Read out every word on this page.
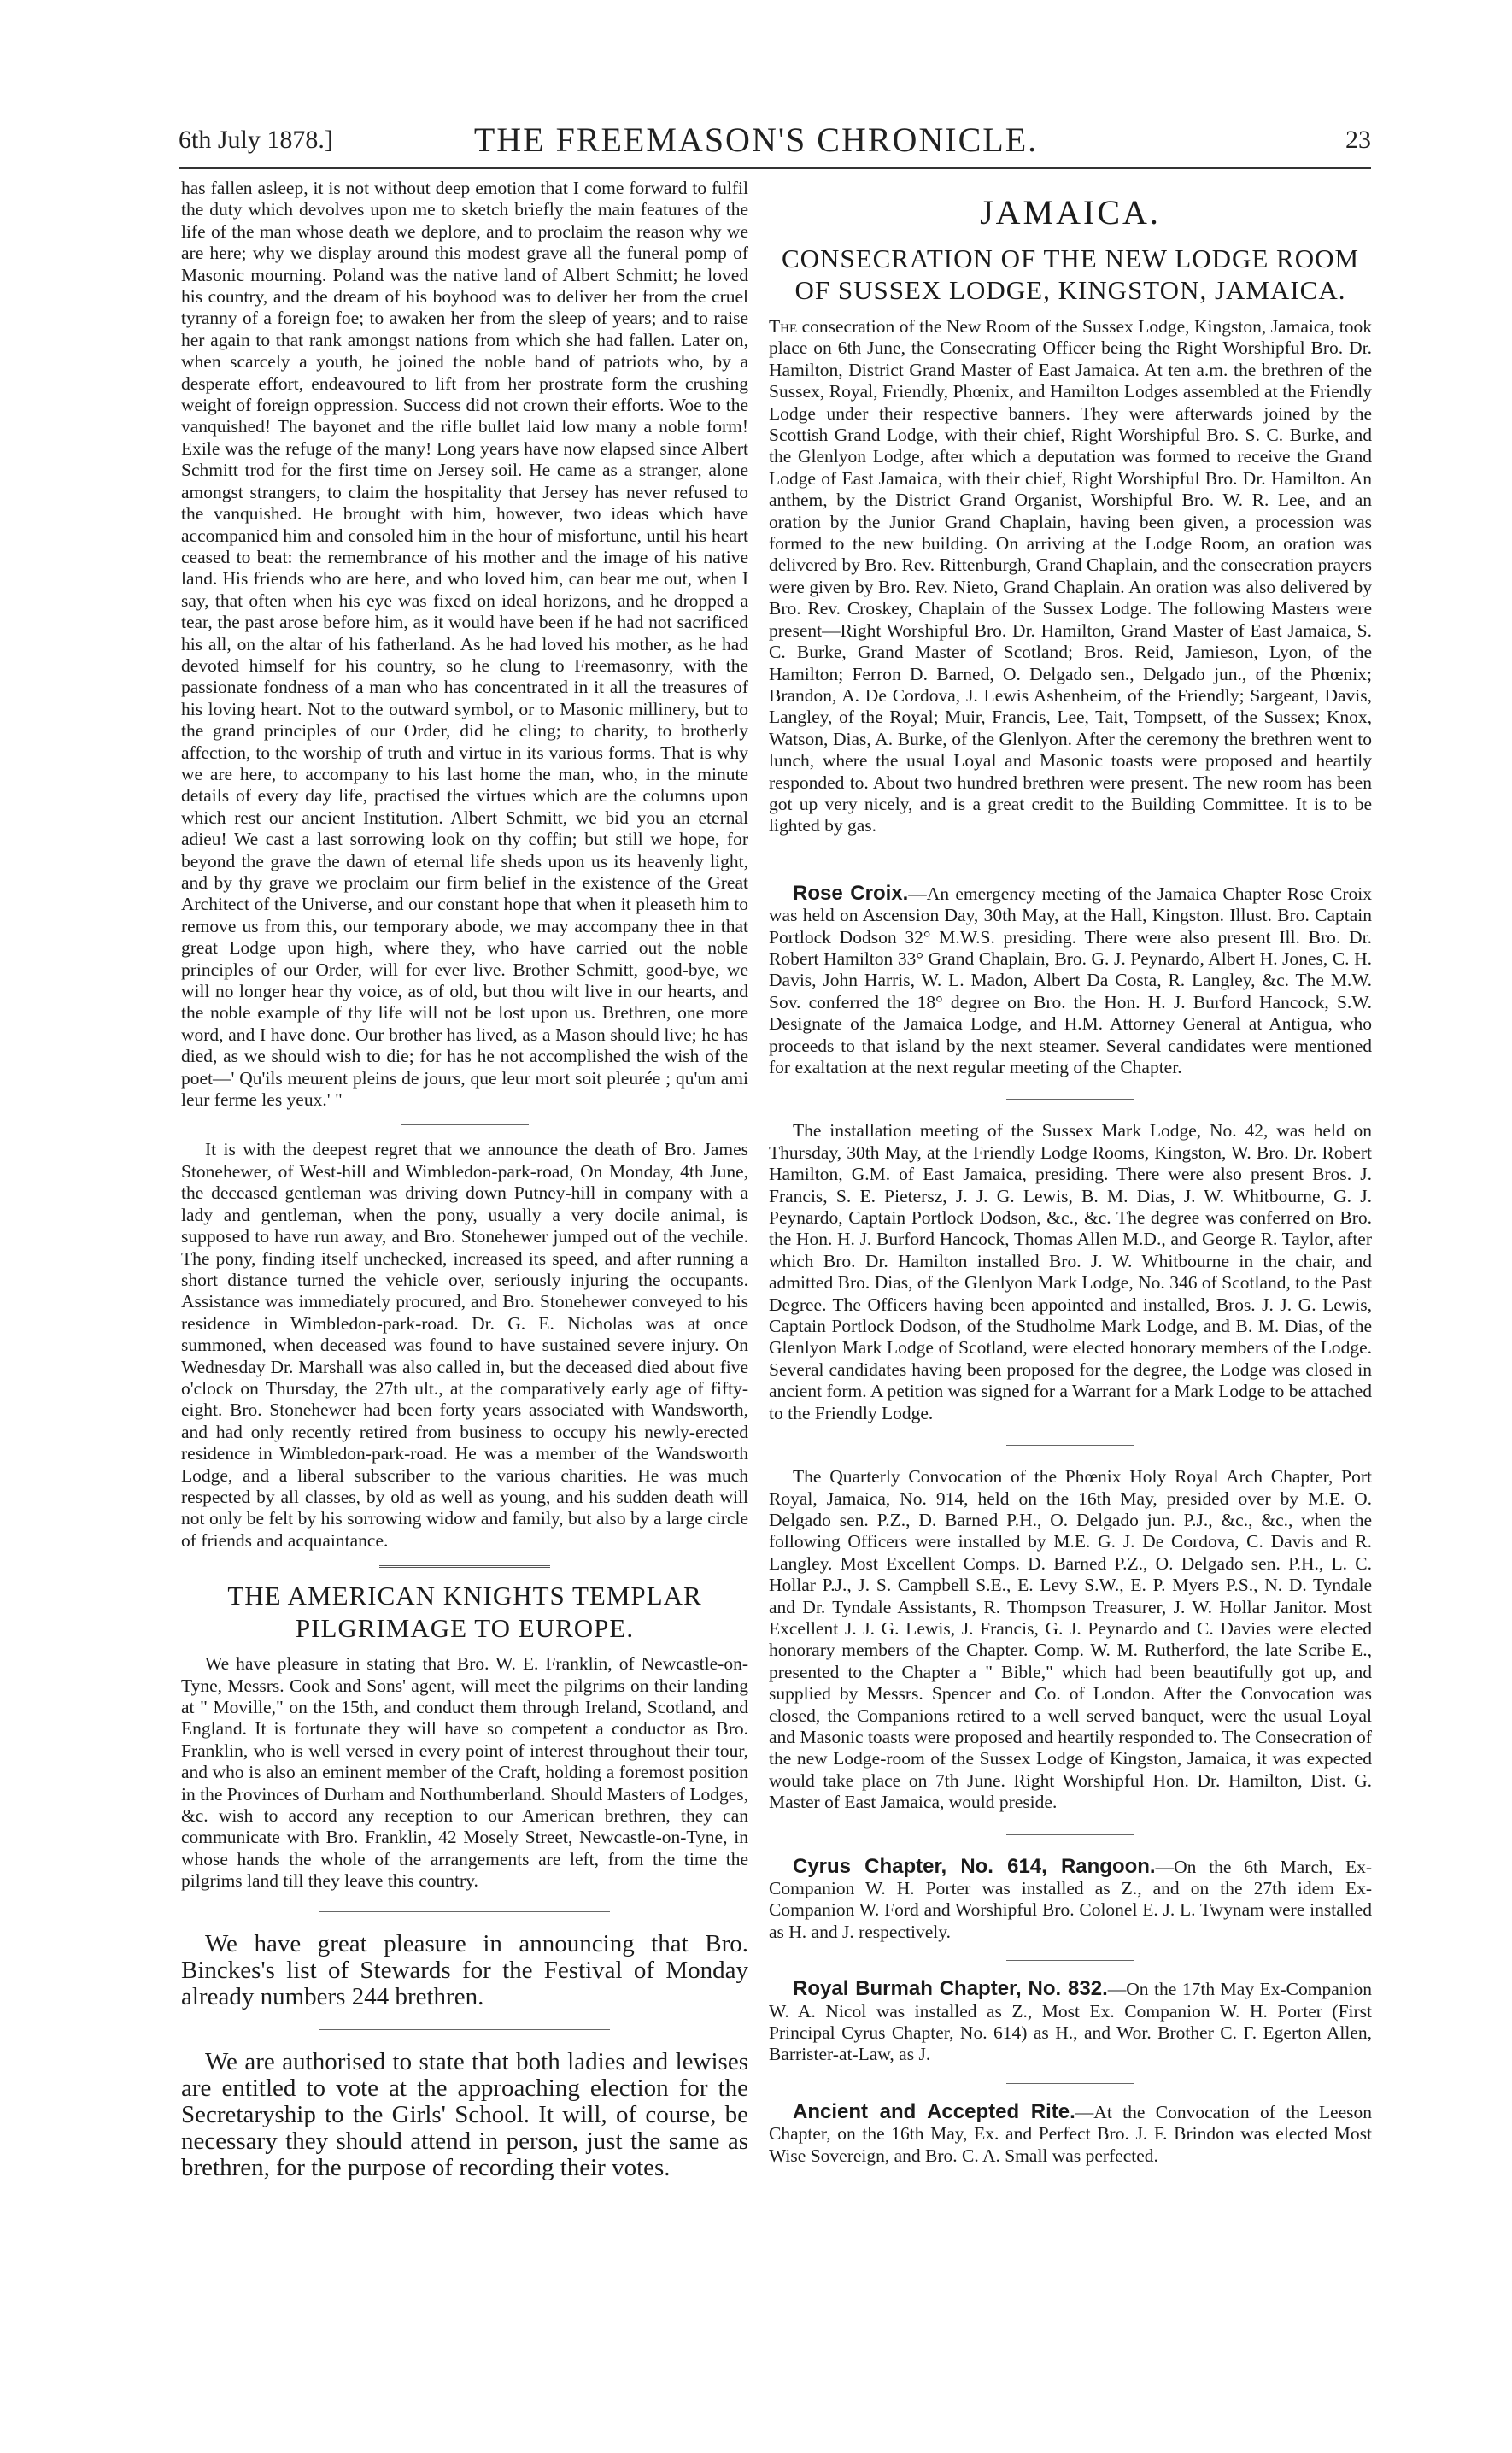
6th July 1878.]	THE FREEMASON'S CHRONICLE.	23

has fallen asleep, it is not without deep emotion that I come forward to fulfil the duty which devolves upon me to sketch briefly the main features of the life of the man whose death we deplore, and to proclaim the reason why we are here; why we display around this modest grave all the funeral pomp of Masonic mourning. Poland was the native land of Albert Schmitt; he loved his country, and the dream of his boyhood was to deliver her from the cruel tyranny of a foreign foe; to awaken her from the sleep of years; and to raise her again to that rank amongst nations from which she had fallen. Later on, when scarcely a youth, he joined the noble band of patriots who, by a desperate effort, endeavoured to lift from her prostrate form the crushing weight of foreign oppression. Success did not crown their efforts. Woe to the vanquished! The bayonet and the rifle bullet laid low many a noble form! Exile was the refuge of the many! Long years have now elapsed since Albert Schmitt trod for the first time on Jersey soil. He came as a stranger, alone amongst strangers, to claim the hospitality that Jersey has never refused to the vanquished. He brought with him, however, two ideas which have accompanied him and consoled him in the hour of misfortune, until his heart ceased to beat: the remembrance of his mother and the image of his native land. His friends who are here, and who loved him, can bear me out, when I say, that often when his eye was fixed on ideal horizons, and he dropped a tear, the past arose before him, as it would have been if he had not sacrificed his all, on the altar of his fatherland. As he had loved his mother, as he had devoted himself for his country, so he clung to Freemasonry, with the passionate fondness of a man who has concentrated in it all the treasures of his loving heart. Not to the outward symbol, or to Masonic millinery, but to the grand principles of our Order, did he cling; to charity, to brotherly affection, to the worship of truth and virtue in its various forms. That is why we are here, to accompany to his last home the man, who, in the minute details of every day life, practised the virtues which are the columns upon which rest our ancient Institution. Albert Schmitt, we bid you an eternal adieu! We cast a last sorrowing look on thy coffin; but still we hope, for beyond the grave the dawn of eternal life sheds upon us its heavenly light, and by thy grave we proclaim our firm belief in the existence of the Great Architect of the Universe, and our constant hope that when it pleaseth him to remove us from this, our temporary abode, we may accompany thee in that great Lodge upon high, where they, who have carried out the noble principles of our Order, will for ever live. Brother Schmitt, good-bye, we will no longer hear thy voice, as of old, but thou wilt live in our hearts, and the noble example of thy life will not be lost upon us. Brethren, one more word, and I have done. Our brother has lived, as a Mason should live; he has died, as we should wish to die; for has he not accomplished the wish of the poet—' Qu'ils meurent pleins de jours, que leur mort soit pleurée ; qu'un ami leur ferme les yeux.' "

It is with the deepest regret that we announce the death of Bro. James Stonehewer, of West-hill and Wimbledon-park-road, On Monday, 4th June, the deceased gentleman was driving down Putney-hill in company with a lady and gentleman, when the pony, usually a very docile animal, is supposed to have run away, and Bro. Stonehewer jumped out of the vechile. The pony, finding itself unchecked, increased its speed, and after running a short distance turned the vehicle over, seriously injuring the occupants. Assistance was immediately procured, and Bro. Stonehewer conveyed to his residence in Wimbledon-park-road. Dr. G. E. Nicholas was at once summoned, when deceased was found to have sustained severe injury. On Wednesday Dr. Marshall was also called in, but the deceased died about five o'clock on Thursday, the 27th ult., at the comparatively early age of fifty-eight. Bro. Stonehewer had been forty years associated with Wandsworth, and had only recently retired from business to occupy his newly-erected residence in Wimbledon-park-road. He was a member of the Wandsworth Lodge, and a liberal subscriber to the various charities. He was much respected by all classes, by old as well as young, and his sudden death will not only be felt by his sorrowing widow and family, but also by a large circle of friends and acquaintance.

THE AMERICAN KNIGHTS TEMPLAR
PILGRIMAGE TO EUROPE.

We have pleasure in stating that Bro. W. E. Franklin, of Newcastle-on-Tyne, Messrs. Cook and Sons' agent, will meet the pilgrims on their landing at " Moville," on the 15th, and conduct them through Ireland, Scotland, and England. It is fortunate they will have so competent a conductor as Bro. Franklin, who is well versed in every point of interest throughout their tour, and who is also an eminent member of the Craft, holding a foremost position in the Provinces of Durham and Northumberland. Should Masters of Lodges, &c. wish to accord any reception to our American brethren, they can communicate with Bro. Franklin, 42 Mosely Street, Newcastle-on-Tyne, in whose hands the whole of the arrangements are left, from the time the pilgrims land till they leave this country.

We have great pleasure in announcing that Bro. Binckes's list of Stewards for the Festival of Monday already numbers 244 brethren.

We are authorised to state that both ladies and lewises are entitled to vote at the approaching election for the Secretaryship to the Girls' School. It will, of course, be necessary they should attend in person, just the same as brethren, for the purpose of recording their votes.

JAMAICA.
CONSECRATION OF THE NEW LODGE ROOM OF SUSSEX LODGE, KINGSTON, JAMAICA.

The consecration of the New Room of the Sussex Lodge, Kingston, Jamaica, took place on 6th June, the Consecrating Officer being the Right Worshipful Bro. Dr. Hamilton, District Grand Master of East Jamaica. At ten a.m. the brethren of the Sussex, Royal, Friendly, Phœnix, and Hamilton Lodges assembled at the Friendly Lodge under their respective banners. They were afterwards joined by the Scottish Grand Lodge, with their chief, Right Worshipful Bro. S. C. Burke, and the Glenlyon Lodge, after which a deputation was formed to receive the Grand Lodge of East Jamaica, with their chief, Right Worshipful Bro. Dr. Hamilton. An anthem, by the District Grand Organist, Worshipful Bro. W. R. Lee, and an oration by the Junior Grand Chaplain, having been given, a procession was formed to the new building. On arriving at the Lodge Room, an oration was delivered by Bro. Rev. Rittenburgh, Grand Chaplain, and the consecration prayers were given by Bro. Rev. Nieto, Grand Chaplain. An oration was also delivered by Bro. Rev. Croskey, Chaplain of the Sussex Lodge. The following Masters were present—Right Worshipful Bro. Dr. Hamilton, Grand Master of East Jamaica, S. C. Burke, Grand Master of Scotland; Bros. Reid, Jamieson, Lyon, of the Hamilton; Ferron D. Barned, O. Delgado sen., Delgado jun., of the Phœnix; Brandon, A. De Cordova, J. Lewis Ashenheim, of the Friendly; Sargeant, Davis, Langley, of the Royal; Muir, Francis, Lee, Tait, Tompsett, of the Sussex; Knox, Watson, Dias, A. Burke, of the Glenlyon. After the ceremony the brethren went to lunch, where the usual Loyal and Masonic toasts were proposed and heartily responded to. About two hundred brethren were present. The new room has been got up very nicely, and is a great credit to the Building Committee. It is to be lighted by gas.

Rose Croix.—An emergency meeting of the Jamaica Chapter Rose Croix was held on Ascension Day, 30th May, at the Hall, Kingston. Illust. Bro. Captain Portlock Dodson 32° M.W.S. presiding. There were also present Ill. Bro. Dr. Robert Hamilton 33° Grand Chaplain, Bro. G. J. Peynardo, Albert H. Jones, C. H. Davis, John Harris, W. L. Madon, Albert Da Costa, R. Langley, &c. The M.W. Sov. conferred the 18° degree on Bro. the Hon. H. J. Burford Hancock, S.W. Designate of the Jamaica Lodge, and H.M. Attorney General at Antigua, who proceeds to that island by the next steamer. Several candidates were mentioned for exaltation at the next regular meeting of the Chapter.

The installation meeting of the Sussex Mark Lodge, No. 42, was held on Thursday, 30th May, at the Friendly Lodge Rooms, Kingston, W. Bro. Dr. Robert Hamilton, G.M. of East Jamaica, presiding. There were also present Bros. J. Francis, S. E. Pietersz, J. J. G. Lewis, B. M. Dias, J. W. Whitbourne, G. J. Peynardo, Captain Portlock Dodson, &c., &c. The degree was conferred on Bro. the Hon. H. J. Burford Hancock, Thomas Allen M.D., and George R. Taylor, after which Bro. Dr. Hamilton installed Bro. J. W. Whitbourne in the chair, and admitted Bro. Dias, of the Glenlyon Mark Lodge, No. 346 of Scotland, to the Past Degree. The Officers having been appointed and installed, Bros. J. J. G. Lewis, Captain Portlock Dodson, of the Studholme Mark Lodge, and B. M. Dias, of the Glenlyon Mark Lodge of Scotland, were elected honorary members of the Lodge. Several candidates having been proposed for the degree, the Lodge was closed in ancient form. A petition was signed for a Warrant for a Mark Lodge to be attached to the Friendly Lodge.

The Quarterly Convocation of the Phœnix Holy Royal Arch Chapter, Port Royal, Jamaica, No. 914, held on the 16th May, presided over by M.E. O. Delgado sen. P.Z., D. Barned P.H., O. Delgado jun. P.J., &c., &c., when the following Officers were installed by M.E. G. J. De Cordova, C. Davis and R. Langley. Most Excellent Comps. D. Barned P.Z., O. Delgado sen. P.H., L. C. Hollar P.J., J. S. Campbell S.E., E. Levy S.W., E. P. Myers P.S., N. D. Tyndale and Dr. Tyndale Assistants, R. Thompson Treasurer, J. W. Hollar Janitor. Most Excellent J. J. G. Lewis, J. Francis, G. J. Peynardo and C. Davies were elected honorary members of the Chapter. Comp. W. M. Rutherford, the late Scribe E., presented to the Chapter a " Bible," which had been beautifully got up, and supplied by Messrs. Spencer and Co. of London. After the Convocation was closed, the Companions retired to a well served banquet, were the usual Loyal and Masonic toasts were proposed and heartily responded to. The Consecration of the new Lodge-room of the Sussex Lodge of Kingston, Jamaica, it was expected would take place on 7th June. Right Worshipful Hon. Dr. Hamilton, Dist. G. Master of East Jamaica, would preside.

Cyrus Chapter, No. 614, Rangoon.—On the 6th March, Ex-Companion W. H. Porter was installed as Z., and on the 27th idem Ex-Companion W. Ford and Worshipful Bro. Colonel E. J. L. Twynam were installed as H. and J. respectively.

Royal Burmah Chapter, No. 832.—On the 17th May Ex-Companion W. A. Nicol was installed as Z., Most Ex. Companion W. H. Porter (First Principal Cyrus Chapter, No. 614) as H., and Wor. Brother C. F. Egerton Allen, Barrister-at-Law, as J.

Ancient and Accepted Rite.—At the Convocation of the Leeson Chapter, on the 16th May, Ex. and Perfect Bro. J. F. Brindon was elected Most Wise Sovereign, and Bro. C. A. Small was perfected.
